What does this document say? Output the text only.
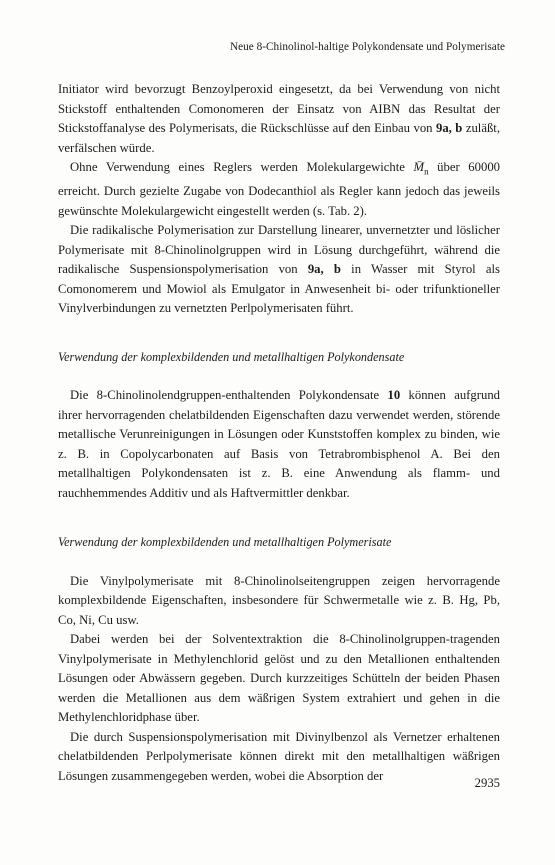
Neue 8-Chinolinol-haltige Polykondensate und Polymerisate

Initiator wird bevorzugt Benzoylperoxid eingesetzt, da bei Verwendung von nicht Stickstoff enthaltenden Comonomeren der Einsatz von AIBN das Resultat der Stickstoffanalyse des Polymerisats, die Rückschlüsse auf den Einbau von 9a, b zuläßt, verfälschen würde.

Ohne Verwendung eines Reglers werden Molekulargewichte $M̄_n$ über 60000 erreicht. Durch gezielte Zugabe von Dodecanthiol als Regler kann jedoch das jeweils gewünschte Molekulargewicht eingestellt werden (s. Tab. 2).

Die radikalische Polymerisation zur Darstellung linearer, unvernetzter und löslicher Polymerisate mit 8-Chinolinolgruppen wird in Lösung durchgeführt, während die radikalische Suspensionspolymerisation von 9a, b in Wasser mit Styrol als Comonomerem und Mowiol als Emulgator in Anwesenheit bi- oder trifunktioneller Vinylverbindungen zu vernetzten Perlpolymerisaten führt.

Verwendung der komplexbildenden und metallhaltigen Polykondensate

Die 8-Chinolinolendgruppen-enthaltenden Polykondensate 10 können aufgrund ihrer hervorragenden chelatbildenden Eigenschaften dazu verwendet werden, störende metallische Verunreinigungen in Lösungen oder Kunststoffen komplex zu binden, wie z. B. in Copolycarbonaten auf Basis von Tetrabrombisphenol A. Bei den metallhaltigen Polykondensaten ist z. B. eine Anwendung als flamm- und rauchhemmendes Additiv und als Haftvermittler denkbar.

Verwendung der komplexbildenden und metallhaltigen Polymerisate

Die Vinylpolymerisate mit 8-Chinolinolseitengruppen zeigen hervorragende komplexbildende Eigenschaften, insbesondere für Schwermetalle wie z. B. Hg, Pb, Co, Ni, Cu usw.

Dabei werden bei der Solventextraktion die 8-Chinolinolgruppen-tragenden Vinylpolymerisate in Methylenchlorid gelöst und zu den Metallionen enthaltenden Lösungen oder Abwässern gegeben. Durch kurzzeitiges Schütteln der beiden Phasen werden die Metallionen aus dem wäßrigen System extrahiert und gehen in die Methylenchloridphase über.

Die durch Suspensionspolymerisation mit Divinylbenzol als Vernetzer erhaltenen chelatbildenden Perlpolymerisate können direkt mit den metallhaltigen wäßrigen Lösungen zusammengegeben werden, wobei die Absorption der

2935
